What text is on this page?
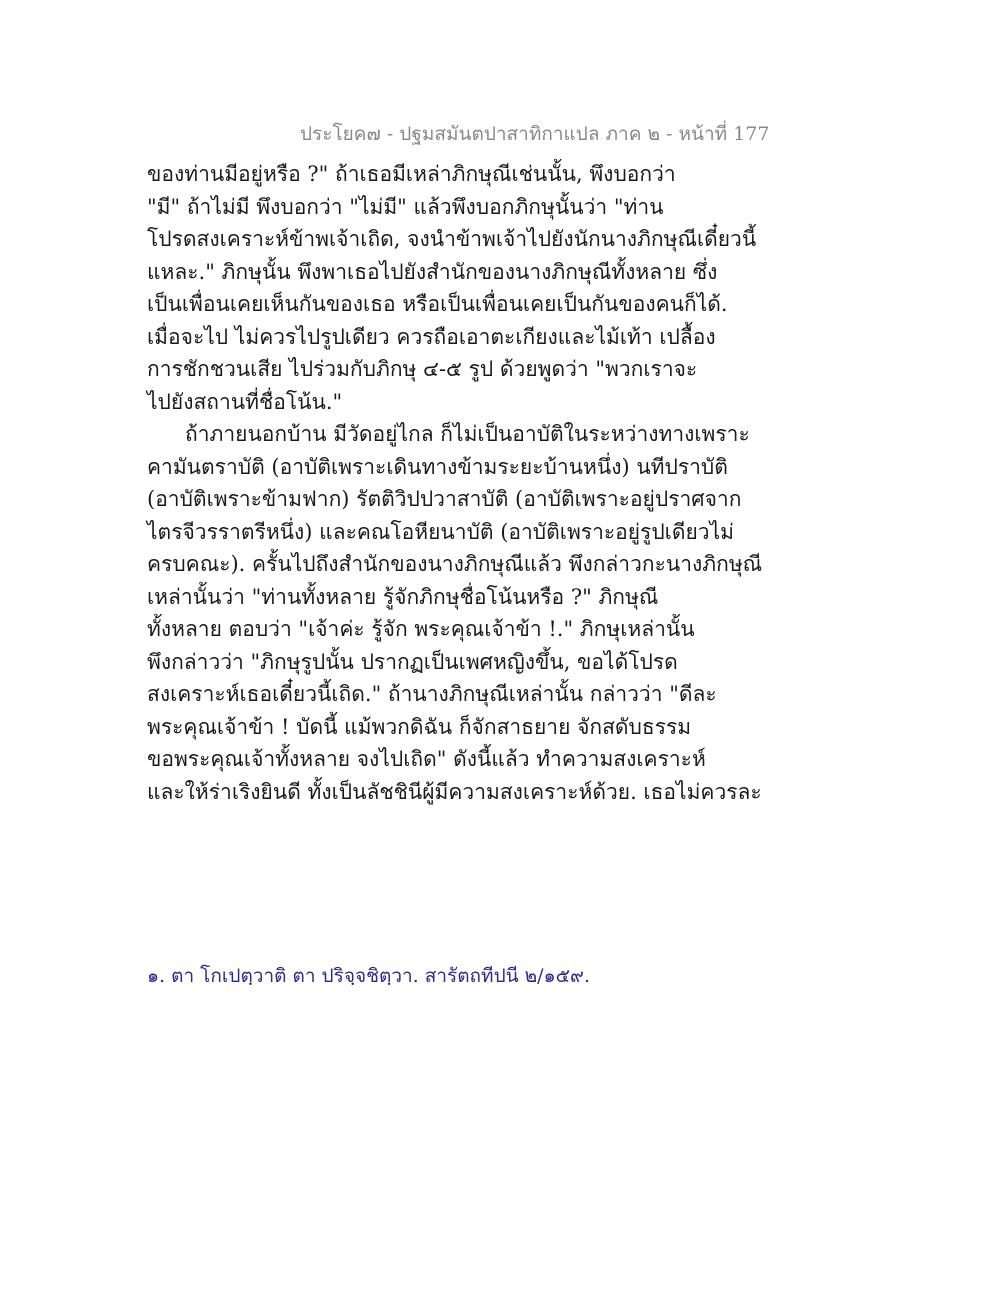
ประโยค๗ - ปฐมสมันตปาสาทิกาแปล ภาค ๒ - หน้าที่ 177
ของท่านมีอยู่หรือ ?" ถ้าเธอมีเหล่าภิกษุณีเช่นนั้น, พึงบอกว่า
"มี" ถ้าไม่มี พึงบอกว่า "ไม่มี" แล้วพึงบอกภิกษุนั้นว่า "ท่าน
โปรดสงเคราะห์ข้าพเจ้าเถิด, จงนำข้าพเจ้าไปยังนักนางภิกษุณีเดี๋ยวนี้
แหละ." ภิกษุนั้น พึงพาเธอไปยังสำนักของนางภิกษุณีทั้งหลาย ซึ่ง
เป็นเพื่อนเคยเห็นกันของเธอ หรือเป็นเพื่อนเคยเป็นกันของคนก็ได้.
เมื่อจะไป ไม่ควรไปรูปเดียว ควรถือเอาตะเกียงและไม้เท้า เปลื้อง
การชักชวนเสีย ไปร่วมกับภิกษุ ๔-๕ รูป ด้วยพูดว่า "พวกเราจะ
ไปยังสถานที่ชื่อโน้น."
ถ้าภายนอกบ้าน มีวัดอยู่ไกล ก็ไม่เป็นอาบัติในระหว่างทางเพราะ
คามันตราบัติ (อาบัติเพราะเดินทางข้ามระยะบ้านหนึ่ง) นทีปราบัติ
(อาบัติเพราะข้ามฟาก) รัตติวิปปวาสาบัติ (อาบัติเพราะอยู่ปราศจาก
ไตรจีวรราตรีหนึ่ง) และคณโอหียนาบัติ (อาบัติเพราะอยู่รูปเดียวไม่
ครบคณะ). ครั้นไปถึงสำนักของนางภิกษุณีแล้ว พึงกล่าวกะนางภิกษุณี
เหล่านั้นว่า "ท่านทั้งหลาย รู้จักภิกษุชื่อโน้นหรือ ?" ภิกษุณี
ทั้งหลาย ตอบว่า "เจ้าค่ะ รู้จัก พระคุณเจ้าข้า !." ภิกษุเหล่านั้น
พึงกล่าวว่า "ภิกษุรูปนั้น ปรากฏเป็นเพศหญิงขึ้น, ขอได้โปรด
สงเคราะห์เธอเดี๋ยวนี้เถิด." ถ้านางภิกษุณีเหล่านั้น กล่าวว่า "ดีละ
พระคุณเจ้าข้า ! บัดนี้ แม้พวกดิฉัน ก็จักสาธยาย จักสดับธรรม
ขอพระคุณเจ้าทั้งหลาย จงไปเถิด" ดังนี้แล้ว ทำความสงเคราะห์
และให้ร่าเริงยินดี ทั้งเป็นลัชชินีผู้มีความสงเคราะห์ด้วย. เธอไม่ควรละ
๑. ตา โกเปตฺวาติ ตา ปริจฺจชิตฺวา. สารัตถทีปนี ๒/๑๕๙.
